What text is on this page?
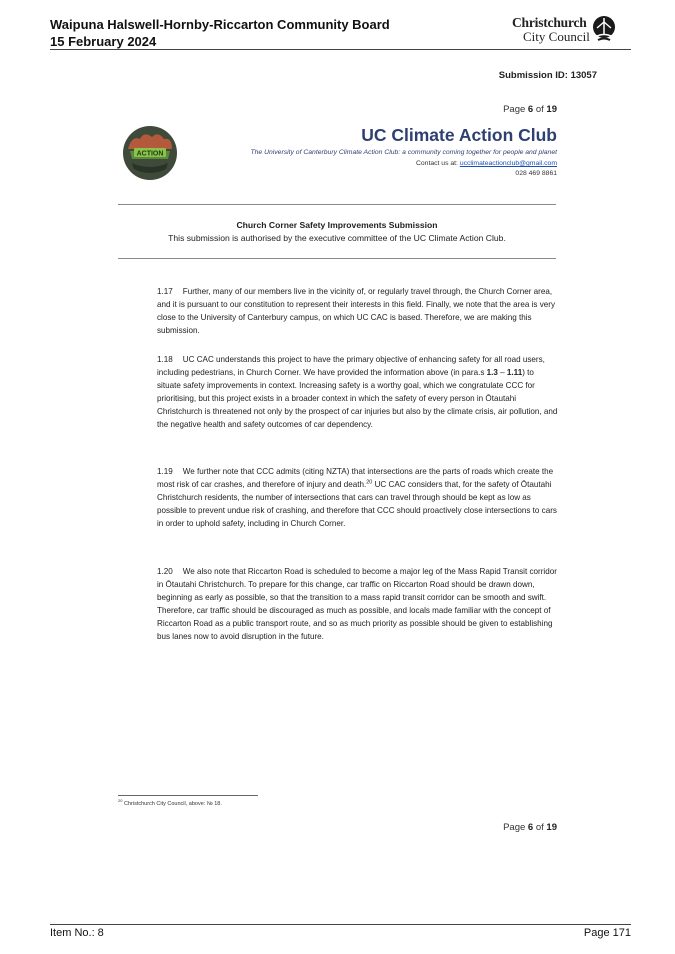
Waipuna Halswell-Hornby-Riccarton Community Board
15 February 2024
Christchurch
City Council
Submission ID: 13057
Page 6 of 19
ACTION
UC Climate Action Club
The University of Canterbury Climate Action Club: a community coming together for people and planet
Contact us at: ucclimateactionclub@gmail.com
028 469 8861
Church Corner Safety Improvements Submission
This submission is authorised by the executive committee of the UC Climate Action Club.
1.17 Further, many of our members live in the vicinity of, or regularly travel through, the Church Corner area, and it is pursuant to our constitution to represent their interests in this field. Finally, we note that the area is very close to the University of Canterbury campus, on which UC CAC is based. Therefore, we are making this submission.
1.18 UC CAC understands this project to have the primary objective of enhancing safety for all road users, including pedestrians, in Church Corner. We have provided the information above (in para.s 1.3 – 1.11) to situate safety improvements in context. Increasing safety is a worthy goal, which we congratulate CCC for prioritising, but this project exists in a broader context in which the safety of every person in Ōtautahi Christchurch is threatened not only by the prospect of car injuries but also by the climate crisis, air pollution, and the negative health and safety outcomes of car dependency.
1.19 We further note that CCC admits (citing NZTA) that intersections are the parts of roads which create the most risk of car crashes, and therefore of injury and death.$^{20}$ UC CAC considers that, for the safety of Ōtautahi Christchurch residents, the number of intersections that cars can travel through should be kept as low as possible to prevent undue risk of crashing, and therefore that CCC should proactively close intersections to cars in order to uphold safety, including in Church Corner.
1.20 We also note that Riccarton Road is scheduled to become a major leg of the Mass Rapid Transit corridor in Ōtautahi Christchurch. To prepare for this change, car traffic on Riccarton Road should be drawn down, beginning as early as possible, so that the transition to a mass rapid transit corridor can be smooth and swift. Therefore, car traffic should be discouraged as much as possible, and locals made familiar with the concept of Riccarton Road as a public transport route, and so as much priority as possible should be given to establishing bus lanes now to avoid disruption in the future.
$^{20}$ Christchurch City Council, above: № 18.
Page 6 of 19
Item No.: 8	Page 171
